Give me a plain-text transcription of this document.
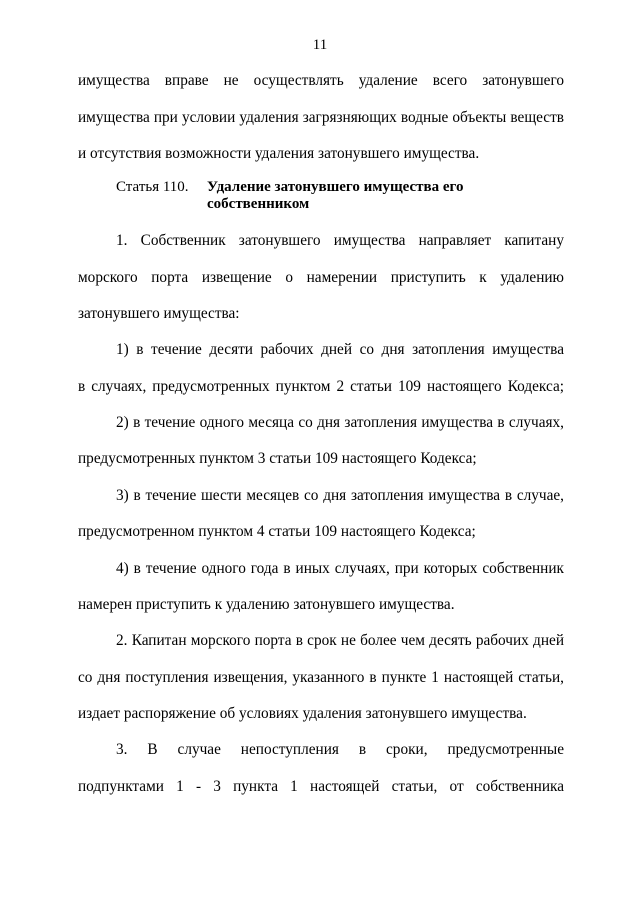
11
имущества вправе не осуществлять удаление всего затонувшего
имущества при условии удаления загрязняющих водные объекты веществ
и отсутствия возможности удаления затонувшего имущества.
Статья 110. Удаление затонувшего имущества его
собственником
1. Собственник затонувшего имущества направляет капитану
морского порта извещение о намерении приступить к удалению
затонувшего имущества:
1) в течение десяти рабочих дней со дня затопления имущества
в случаях, предусмотренных пунктом 2 статьи 109 настоящего Кодекса;
2) в течение одного месяца со дня затопления имущества в случаях,
предусмотренных пунктом 3 статьи 109 настоящего Кодекса;
3) в течение шести месяцев со дня затопления имущества в случае,
предусмотренном пунктом 4 статьи 109 настоящего Кодекса;
4) в течение одного года в иных случаях, при которых собственник
намерен приступить к удалению затонувшего имущества.
2. Капитан морского порта в срок не более чем десять рабочих дней
со дня поступления извещения, указанного в пункте 1 настоящей статьи,
издает распоряжение об условиях удаления затонувшего имущества.
3. В случае непоступления в сроки, предусмотренные
подпунктами 1 - 3 пункта 1 настоящей статьи, от собственника
